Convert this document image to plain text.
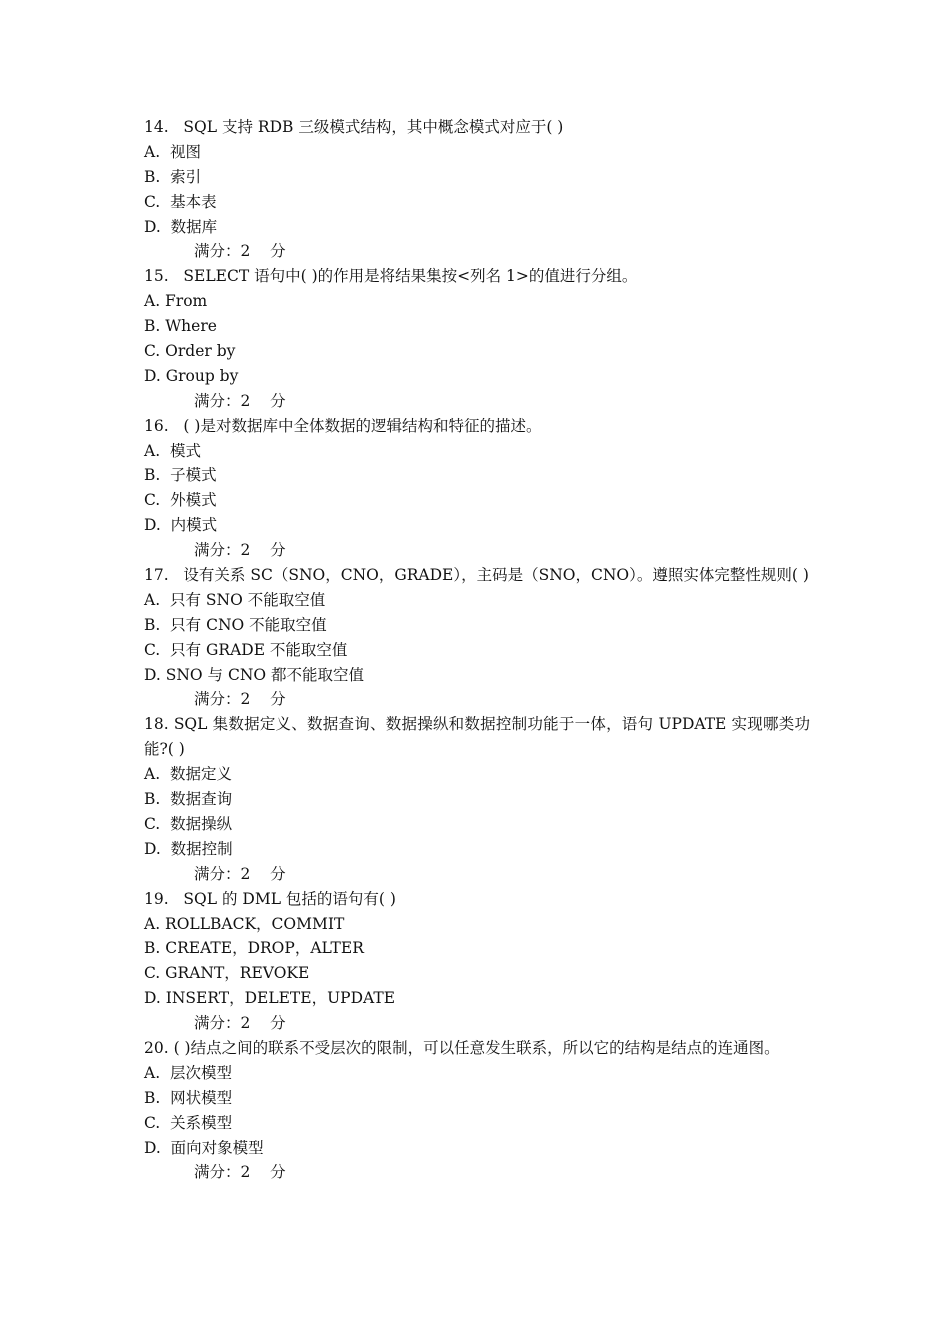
14.   SQL 支持 RDB 三级模式结构，其中概念模式对应于( )
A.  视图
B.  索引
C.  基本表
D.  数据库
满分：2    分
15.   SELECT 语句中( )的作用是将结果集按<列名 1>的值进行分组。
A. From
B. Where
C. Order by
D. Group by
满分：2    分
16.   ( )是对数据库中全体数据的逻辑结构和特征的描述。
A.  模式
B.  子模式
C.  外模式
D.  内模式
满分：2    分
17.   设有关系 SC（SNO，CNO，GRADE），主码是（SNO，CNO）。遵照实体完整性规则( )
A.  只有 SNO 不能取空值
B.  只有 CNO 不能取空值
C.  只有 GRADE 不能取空值
D. SNO 与 CNO 都不能取空值
满分：2    分
18. SQL 集数据定义、数据查询、数据操纵和数据控制功能于一体，语句 UPDATE 实现哪类功能?( )
A.  数据定义
B.  数据查询
C.  数据操纵
D.  数据控制
满分：2    分
19.   SQL 的 DML 包括的语句有( )
A. ROLLBACK，COMMIT
B. CREATE，DROP，ALTER
C. GRANT，REVOKE
D. INSERT，DELETE，UPDATE
满分：2    分
20. ( )结点之间的联系不受层次的限制，可以任意发生联系，所以它的结构是结点的连通图。
A.  层次模型
B.  网状模型
C.  关系模型
D.  面向对象模型
满分：2    分
